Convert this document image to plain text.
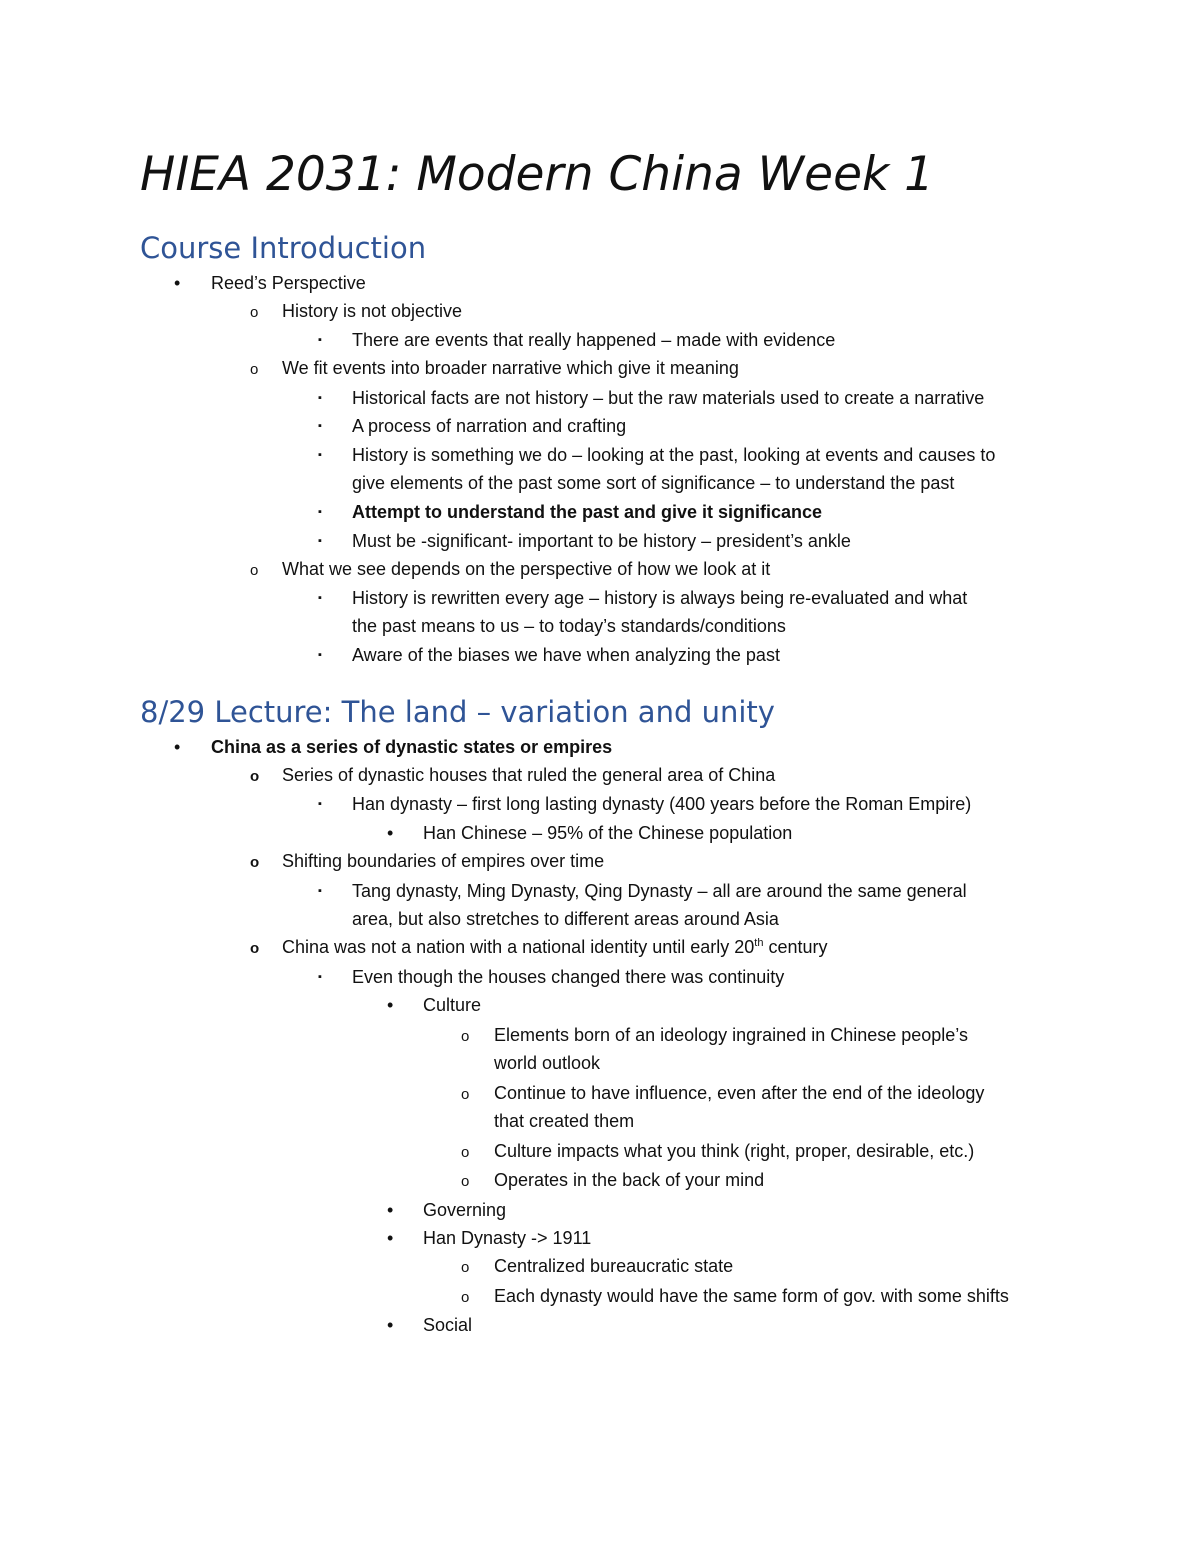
HIEA 2031: Modern China Week 1
Course Introduction
• Reed’s Perspective

o History is not objective

▪ There are events that really happened – made with evidence

o We fit events into broader narrative which give it meaning

▪ Historical facts are not history – but the raw materials used to create a narrative

▪ A process of narration and crafting

▪ History is something we do – looking at the past, looking at events and causes to

give elements of the past some sort of significance – to understand the past

▪ Attempt to understand the past and give it significance

▪ Must be -significant- important to be history – president’s ankle

o What we see depends on the perspective of how we look at it

▪ History is rewritten every age – history is always being re-evaluated and what

the past means to us – to today’s standards/conditions

▪ Aware of the biases we have when analyzing the past

8/29 Lecture: The land – variation and unity
• China as a series of dynastic states or empires

o Series of dynastic houses that ruled the general area of China

▪ Han dynasty – first long lasting dynasty (400 years before the Roman Empire)

• Han Chinese – 95% of the Chinese population

o Shifting boundaries of empires over time

▪ Tang dynasty, Ming Dynasty, Qing Dynasty – all are around the same general

area, but also stretches to different areas around Asia

o China was not a nation with a national identity until early 20th century

▪ Even though the houses changed there was continuity

• Culture

o Elements born of an ideology ingrained in Chinese people’s

world outlook

o Continue to have influence, even after the end of the ideology

that created them

o Culture impacts what you think (right, proper, desirable, etc.)

o Operates in the back of your mind

• Governing

• Han Dynasty -> 1911

o Centralized bureaucratic state

o Each dynasty would have the same form of gov. with some shifts

• Social
